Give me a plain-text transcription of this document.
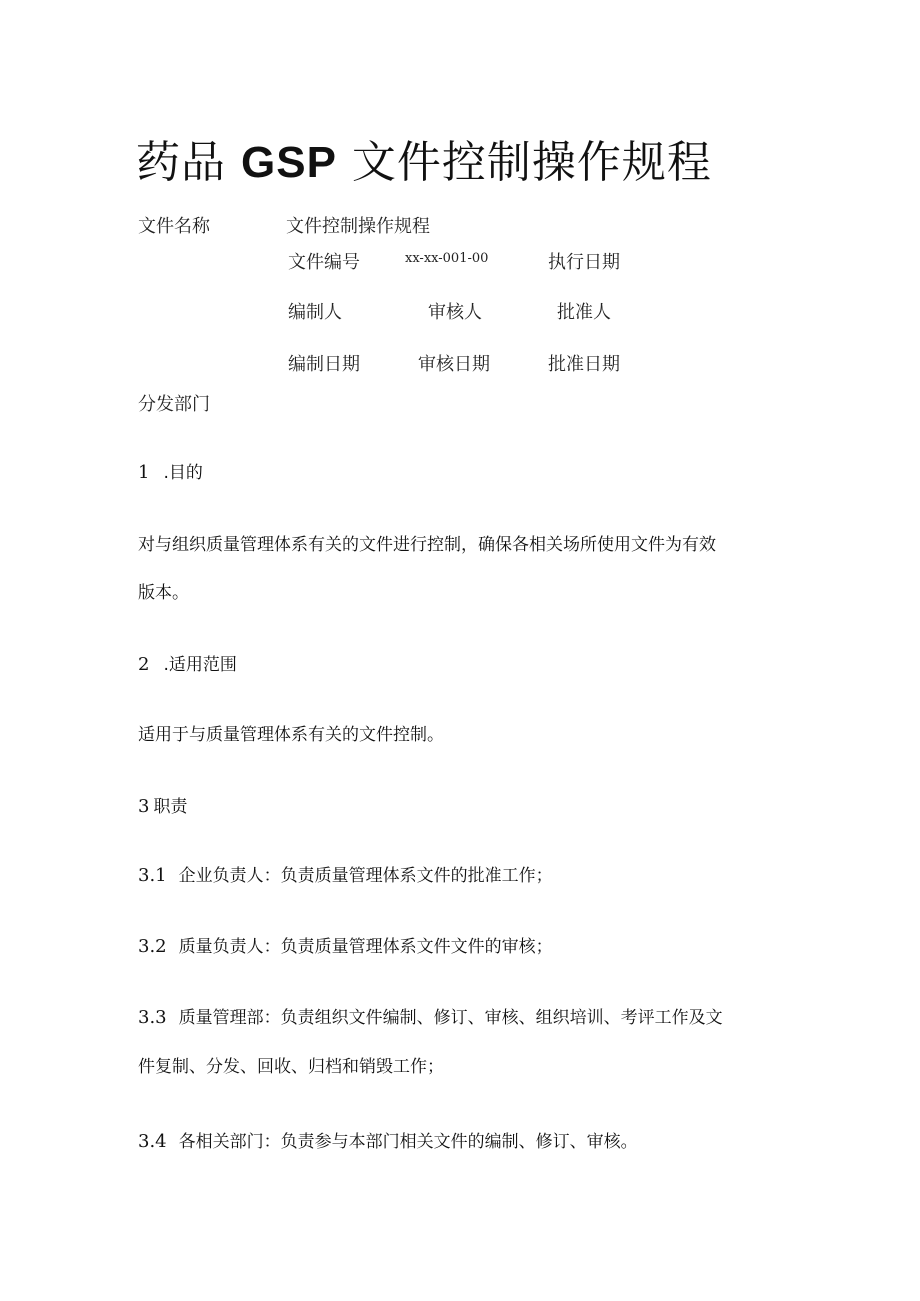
药品 GSP 文件控制操作规程
文件名称	文件控制操作规程
文件编号	xx-xx-001-00	执行日期
编制人	审核人	批准人
编制日期	审核日期	批准日期
分发部门
1 .目的
对与组织质量管理体系有关的文件进行控制，确保各相关场所使用文件为有效
版本。
2 .适用范围
适用于与质量管理体系有关的文件控制。
3 职责
3.1 企业负责人：负责质量管理体系文件的批准工作；
3.2 质量负责人：负责质量管理体系文件文件的审核；
3.3 质量管理部：负责组织文件编制、修订、审核、组织培训、考评工作及文
件复制、分发、回收、归档和销毁工作；
3.4 各相关部门：负责参与本部门相关文件的编制、修订、审核。
